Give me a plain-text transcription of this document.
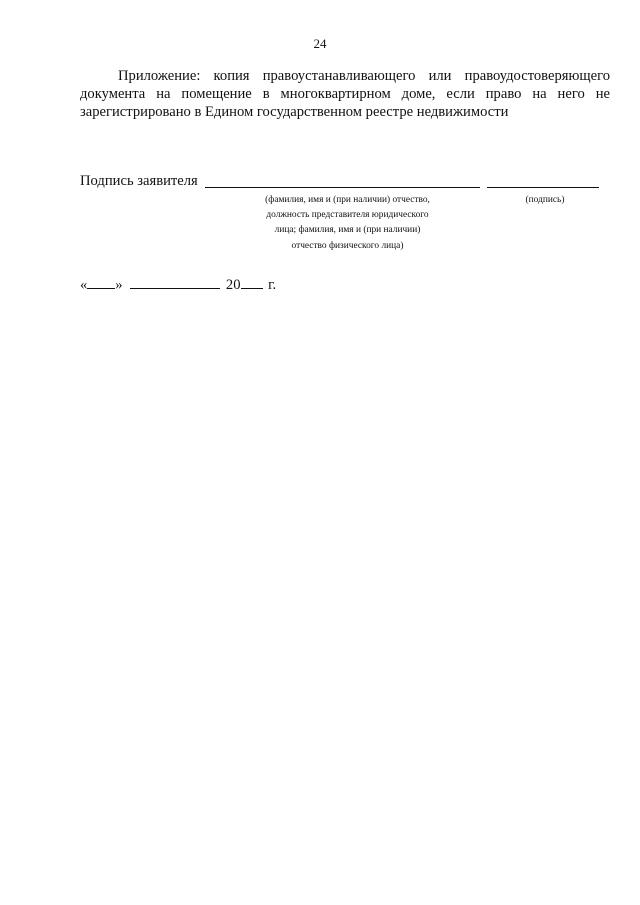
24

Приложение: копия правоустанавливающего или правоудостоверяющего документа на помещение в многоквартирном доме, если право на него не зарегистрировано в Едином государственном реестре недвижимости

Подпись заявителя
(фамилия, имя и (при наличии) отчество,
должность представителя юридического
лица; фамилия, имя и (при наличии)
отчество физического лица)
(подпись)
« »	20 г.
